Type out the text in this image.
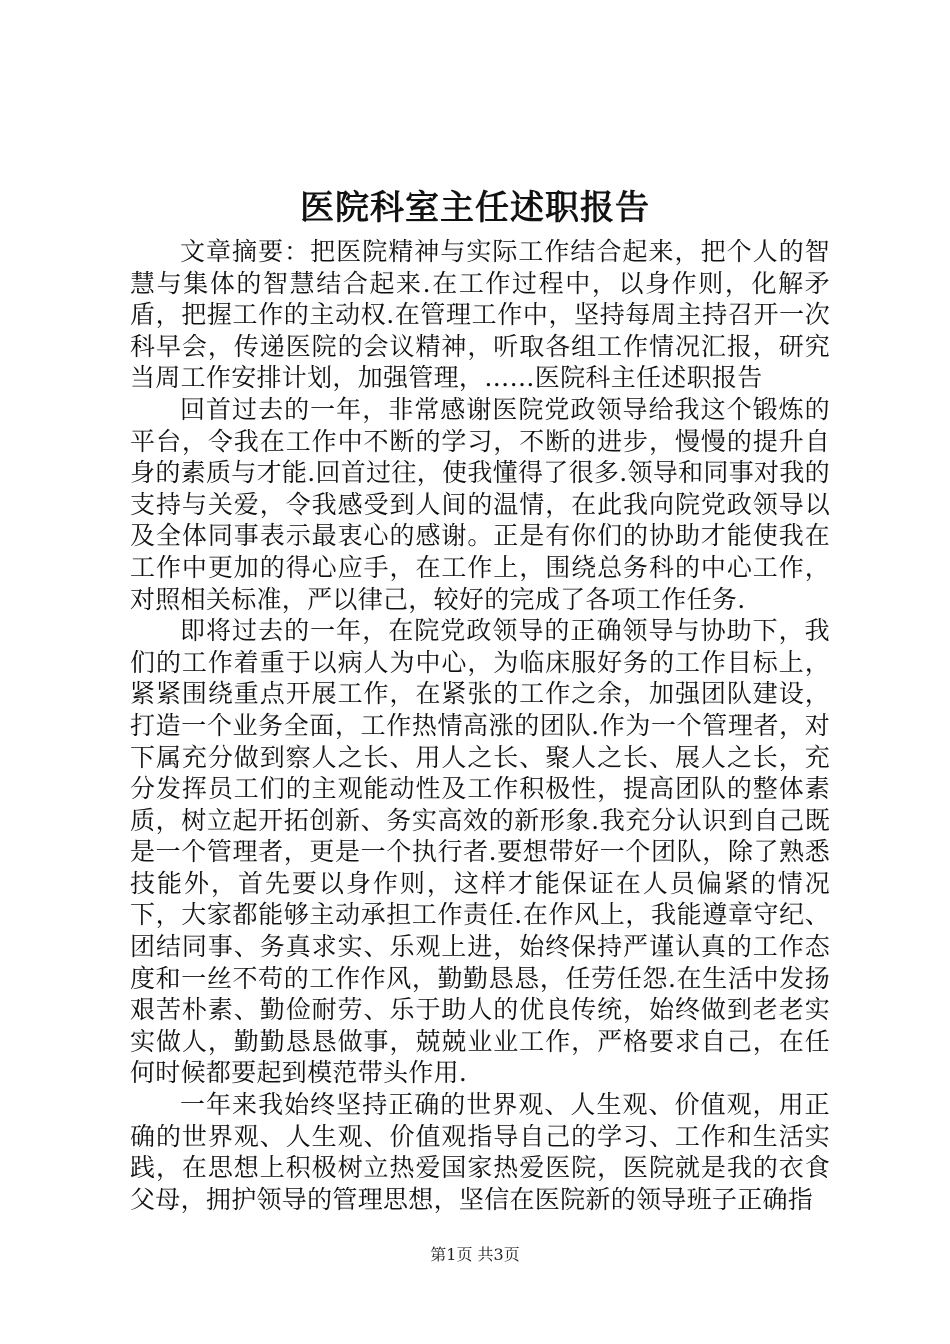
医院科室主任述职报告

文章摘要：把医院精神与实际工作结合起来，把个人的智慧与集体的智慧结合起来.在工作过程中，以身作则，化解矛盾，把握工作的主动权.在管理工作中，坚持每周主持召开一次科早会，传递医院的会议精神，听取各组工作情况汇报，研究当周工作安排计划，加强管理，……医院科主任述职报告

回首过去的一年，非常感谢医院党政领导给我这个锻炼的平台，令我在工作中不断的学习，不断的进步，慢慢的提升自身的素质与才能.回首过往，使我懂得了很多.领导和同事对我的支持与关爱，令我感受到人间的温情，在此我向院党政领导以及全体同事表示最衷心的感谢。正是有你们的协助才能使我在工作中更加的得心应手，在工作上，围绕总务科的中心工作，对照相关标准，严以律己，较好的完成了各项工作任务.

即将过去的一年，在院党政领导的正确领导与协助下，我们的工作着重于以病人为中心，为临床服好务的工作目标上，紧紧围绕重点开展工作，在紧张的工作之余，加强团队建设，打造一个业务全面，工作热情高涨的团队.作为一个管理者，对下属充分做到察人之长、用人之长、聚人之长、展人之长，充分发挥员工们的主观能动性及工作积极性，提高团队的整体素质，树立起开拓创新、务实高效的新形象.我充分认识到自己既是一个管理者，更是一个执行者.要想带好一个团队，除了熟悉技能外，首先要以身作则，这样才能保证在人员偏紧的情况下，大家都能够主动承担工作责任.在作风上，我能遵章守纪、团结同事、务真求实、乐观上进，始终保持严谨认真的工作态度和一丝不苟的工作作风，勤勤恳恳，任劳任怨.在生活中发扬艰苦朴素、勤俭耐劳、乐于助人的优良传统，始终做到老老实实做人，勤勤恳恳做事，兢兢业业工作，严格要求自己，在任何时候都要起到模范带头作用.

一年来我始终坚持正确的世界观、人生观、价值观，用正确的世界观、人生观、价值观指导自己的学习、工作和生活实践，在思想上积极树立热爱国家热爱医院，医院就是我的衣食父母，拥护领导的管理思想，坚信在医院新的领导班子正确指

第1页 共3页
